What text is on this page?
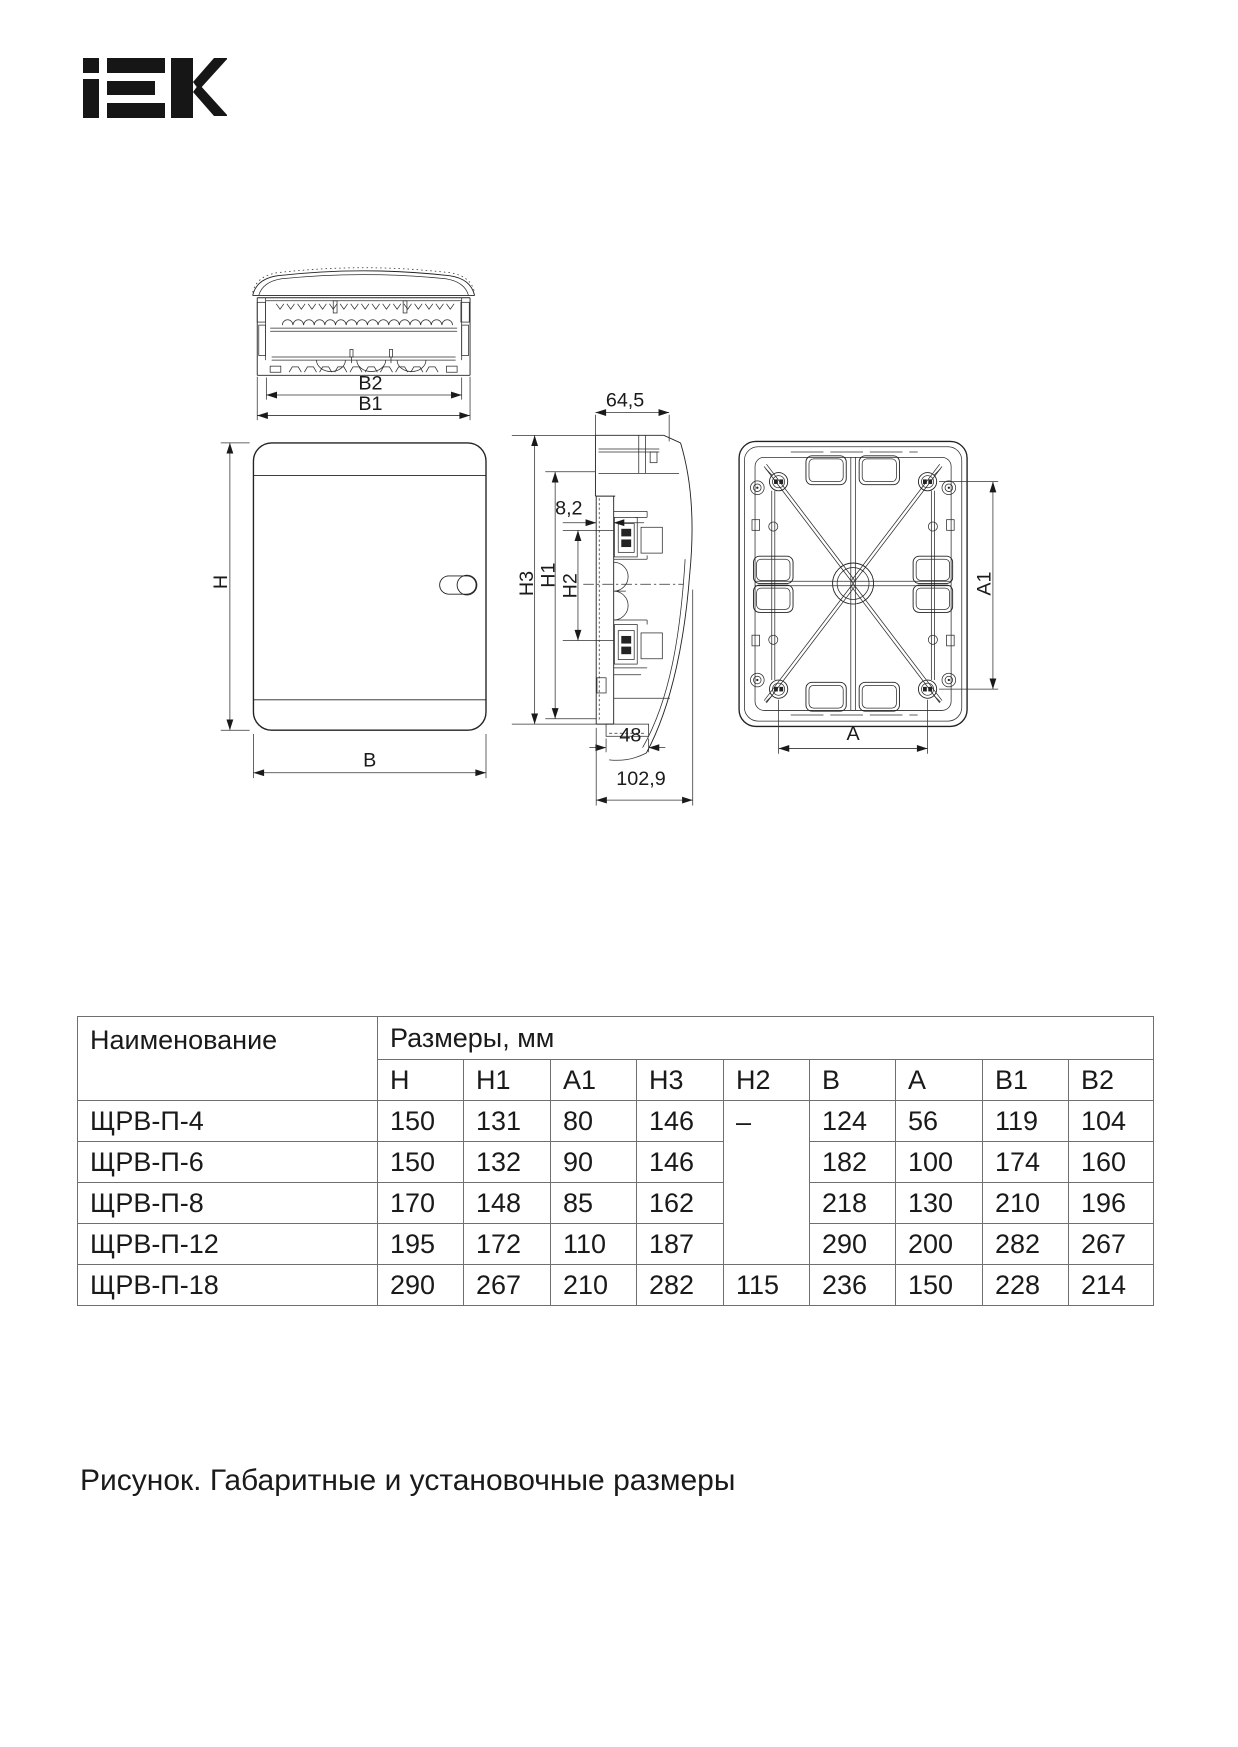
B2
B1
H
B
64,5
8,2
H3 H1 H2
48
102,9
A1
A
Наименование	Размеры, мм								
	Н	Н1	А1	Н3	Н2	В	А	В1	В2
ЩРВ-П-4	150	131	80	146	–	124	56	119	104
ЩРВ-П-6	150	132	90	146		182	100	174	160
ЩРВ-П-8	170	148	85	162		218	130	210	196
ЩРВ-П-12	195	172	110	187		290	200	282	267
ЩРВ-П-18	290	267	210	282	115	236	150	228	214
Рисунок. Габаритные и установочные размеры
